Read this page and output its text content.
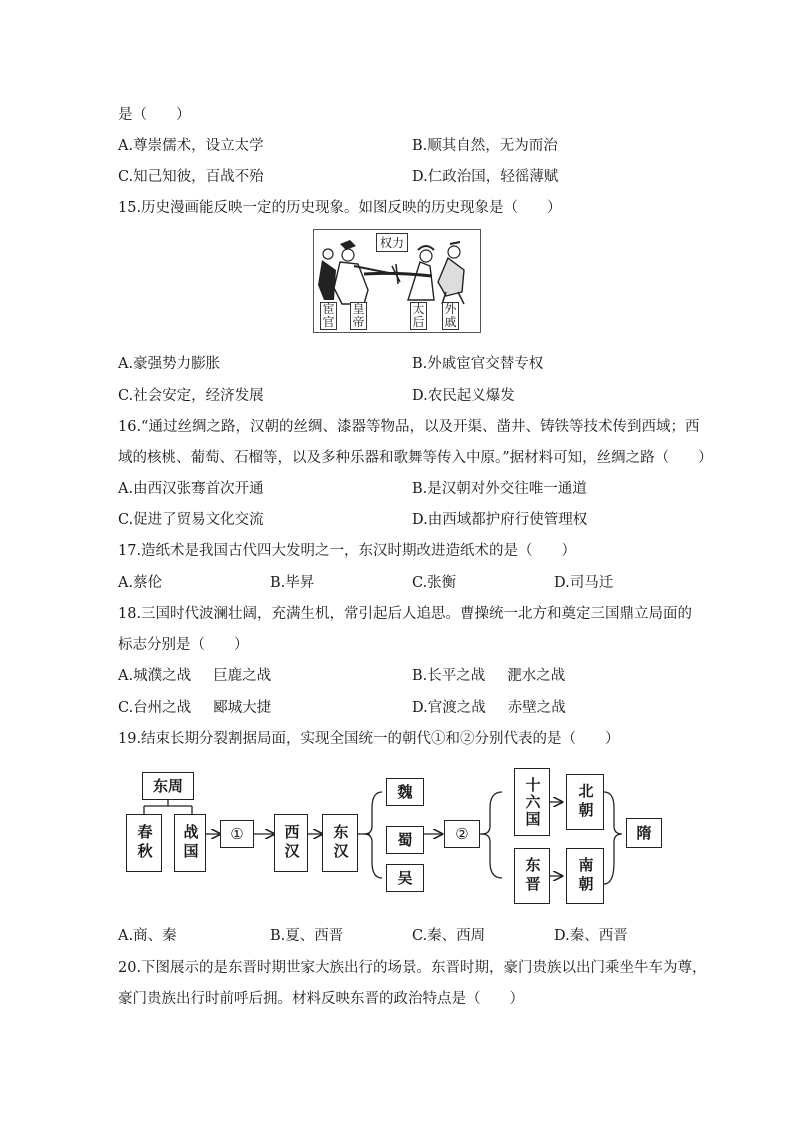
是（　　）
A.尊崇儒术，设立太学	B.顺其自然，无为而治
C.知己知彼，百战不殆	D.仁政治国，轻徭薄赋
15.历史漫画能反映一定的历史现象。如图反映的历史现象是（　　）
权力
宦官
皇帝
太后
外戚
A.豪强势力膨胀	B.外戚宦官交替专权
C.社会安定，经济发展	D.农民起义爆发
16.“通过丝绸之路，汉朝的丝绸、漆器等物品，以及开渠、凿井、铸铁等技术传到西域；西
域的核桃、葡萄、石榴等，以及多种乐器和歌舞等传入中原。”据材料可知，丝绸之路（　　）
A.由西汉张骞首次开通	B.是汉朝对外交往唯一通道
C.促进了贸易文化交流	D.由西域都护府行使管理权
17.造纸术是我国古代四大发明之一，东汉时期改进造纸术的是（　　）
A.蔡伦	B.毕昇	C.张衡	D.司马迁
18.三国时代波澜壮阔，充满生机，常引起后人追思。曹操统一北方和奠定三国鼎立局面的
标志分别是（　　）
A.城濮之战 巨鹿之战	B.长平之战 淝水之战
C.台州之战 郾城大捷	D.官渡之战 赤壁之战
19.结束长期分裂割据局面，实现全国统一的朝代①和②分别代表的是（　　）
东周
春秋 战国	①	西汉 东汉
魏
蜀
吴
②
十六国
东晋
北朝
南朝
隋
A.商、秦	B.夏、西晋	C.秦、西周	D.秦、西晋
20.下图展示的是东晋时期世家大族出行的场景。东晋时期，豪门贵族以出门乘坐牛车为尊，
豪门贵族出行时前呼后拥。材料反映东晋的政治特点是（　　）
